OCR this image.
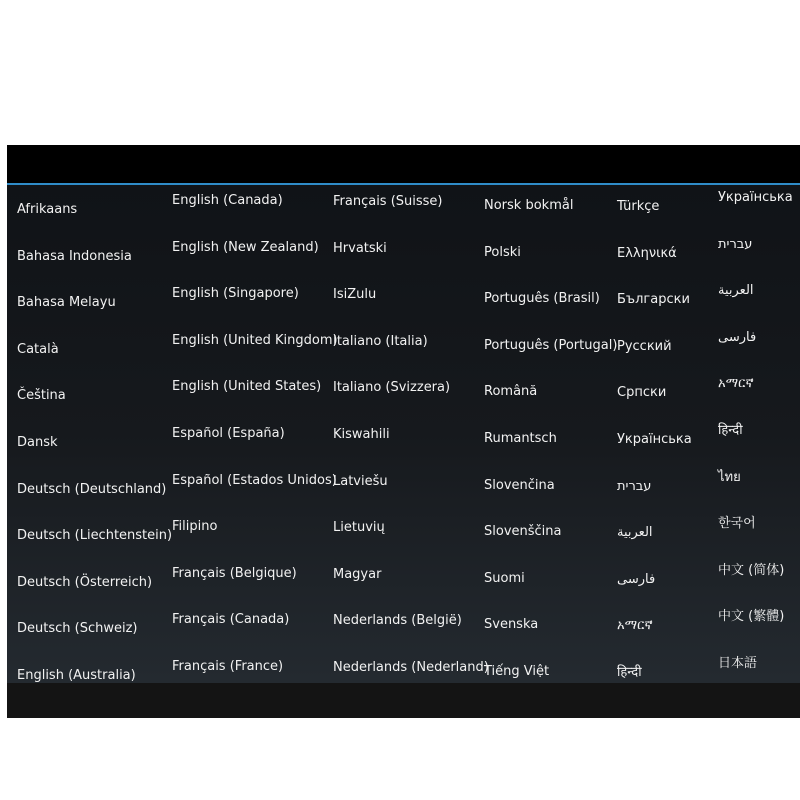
Afrikaans
Bahasa Indonesia
Bahasa Melayu
Català
Čeština
Dansk
Deutsch (Deutschland)
Deutsch (Liechtenstein)
Deutsch (Österreich)
Deutsch (Schweiz)
English (Australia)
English (Canada)
English (New Zealand)
English (Singapore)
English (United Kingdom)
English (United States)
Español (España)
Español (Estados Unidos)
Filipino
Français (Belgique)
Français (Canada)
Français (France)
Français (Suisse)
Hrvatski
IsiZulu
Italiano (Italia)
Italiano (Svizzera)
Kiswahili
Latviešu
Lietuvių
Magyar
Nederlands (België)
Nederlands (Nederland)
Norsk bokmål
Polski
Português (Brasil)
Português (Portugal)
Română
Rumantsch
Slovenčina
Slovenščina
Suomi
Svenska
Tiếng Việt
Türkçe
Ελληνικά
Български
Русский
Српски
Українська
עברית
العربية
فارسی
አማርኛ
हिन्दी
Українська
עברית
العربية
فارسی
አማርኛ
हिन्दी
ไทย
한국어
中文 (简体)
中文 (繁體)
日本語
